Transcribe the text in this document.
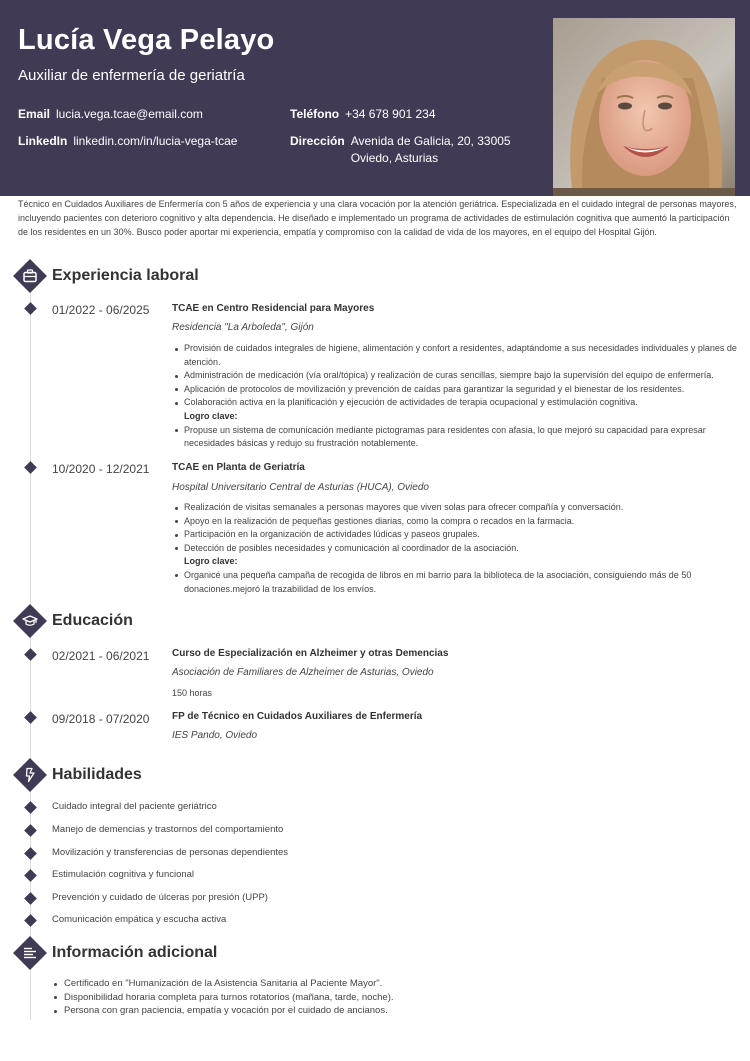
Lucía Vega Pelayo
Auxiliar de enfermería de geriatría
Email lucia.vega.tcae@email.com
LinkedIn linkedin.com/in/lucia-vega-tcae
Teléfono +34 678 901 234
Dirección Avenida de Galicia, 20, 33005 Oviedo, Asturias
Técnico en Cuidados Auxiliares de Enfermería con 5 años de experiencia y una clara vocación por la atención geriátrica. Especializada en el cuidado integral de personas mayores, incluyendo pacientes con deterioro cognitivo y alta dependencia. He diseñado e implementado un programa de actividades de estimulación cognitiva que aumentó la participación de los residentes en un 30%. Busco poder aportar mi experiencia, empatía y compromiso con la calidad de vida de los mayores, en el equipo del Hospital Gijón.
Experiencia laboral
01/2022 - 06/2025 TCAE en Centro Residencial para Mayores
Residencia "La Arboleda", Gijón
Provisión de cuidados integrales de higiene, alimentación y confort a residentes, adaptándome a sus necesidades individuales y planes de atención.
Administración de medicación (vía oral/tópica) y realización de curas sencillas, siempre bajo la supervisión del equipo de enfermería.
Aplicación de protocolos de movilización y prevención de caídas para garantizar la seguridad y el bienestar de los residentes.
Colaboración activa en la planificación y ejecución de actividades de terapia ocupacional y estimulación cognitiva.
Logro clave:
Propuse un sistema de comunicación mediante pictogramas para residentes con afasia, lo que mejoró su capacidad para expresar necesidades básicas y redujo su frustración notablemente.
10/2020 - 12/2021 TCAE en Planta de Geriatría
Hospital Universitario Central de Asturias (HUCA), Oviedo
Realización de visitas semanales a personas mayores que viven solas para ofrecer compañía y conversación.
Apoyo en la realización de pequeñas gestiones diarias, como la compra o recados en la farmacia.
Participación en la organización de actividades lúdicas y paseos grupales.
Detección de posibles necesidades y comunicación al coordinador de la asociación.
Logro clave:
Organicé una pequeña campaña de recogida de libros en mi barrio para la biblioteca de la asociación, consiguiendo más de 50 donaciones.mejoró la trazabilidad de los envíos.
Educación
02/2021 - 06/2021 Curso de Especialización en Alzheimer y otras Demencias
Asociación de Familiares de Alzheimer de Asturias, Oviedo
150 horas
09/2018 - 07/2020 FP de Técnico en Cuidados Auxiliares de Enfermería
IES Pando, Oviedo
Habilidades
Cuidado integral del paciente geriátrico
Manejo de demencias y trastornos del comportamiento
Movilización y transferencias de personas dependientes
Estimulación cognitiva y funcional
Prevención y cuidado de úlceras por presión (UPP)
Comunicación empática y escucha activa
Información adicional
Certificado en "Humanización de la Asistencia Sanitaria al Paciente Mayor".
Disponibilidad horaria completa para turnos rotatorios (mañana, tarde, noche).
Persona con gran paciencia, empatía y vocación por el cuidado de ancianos.
